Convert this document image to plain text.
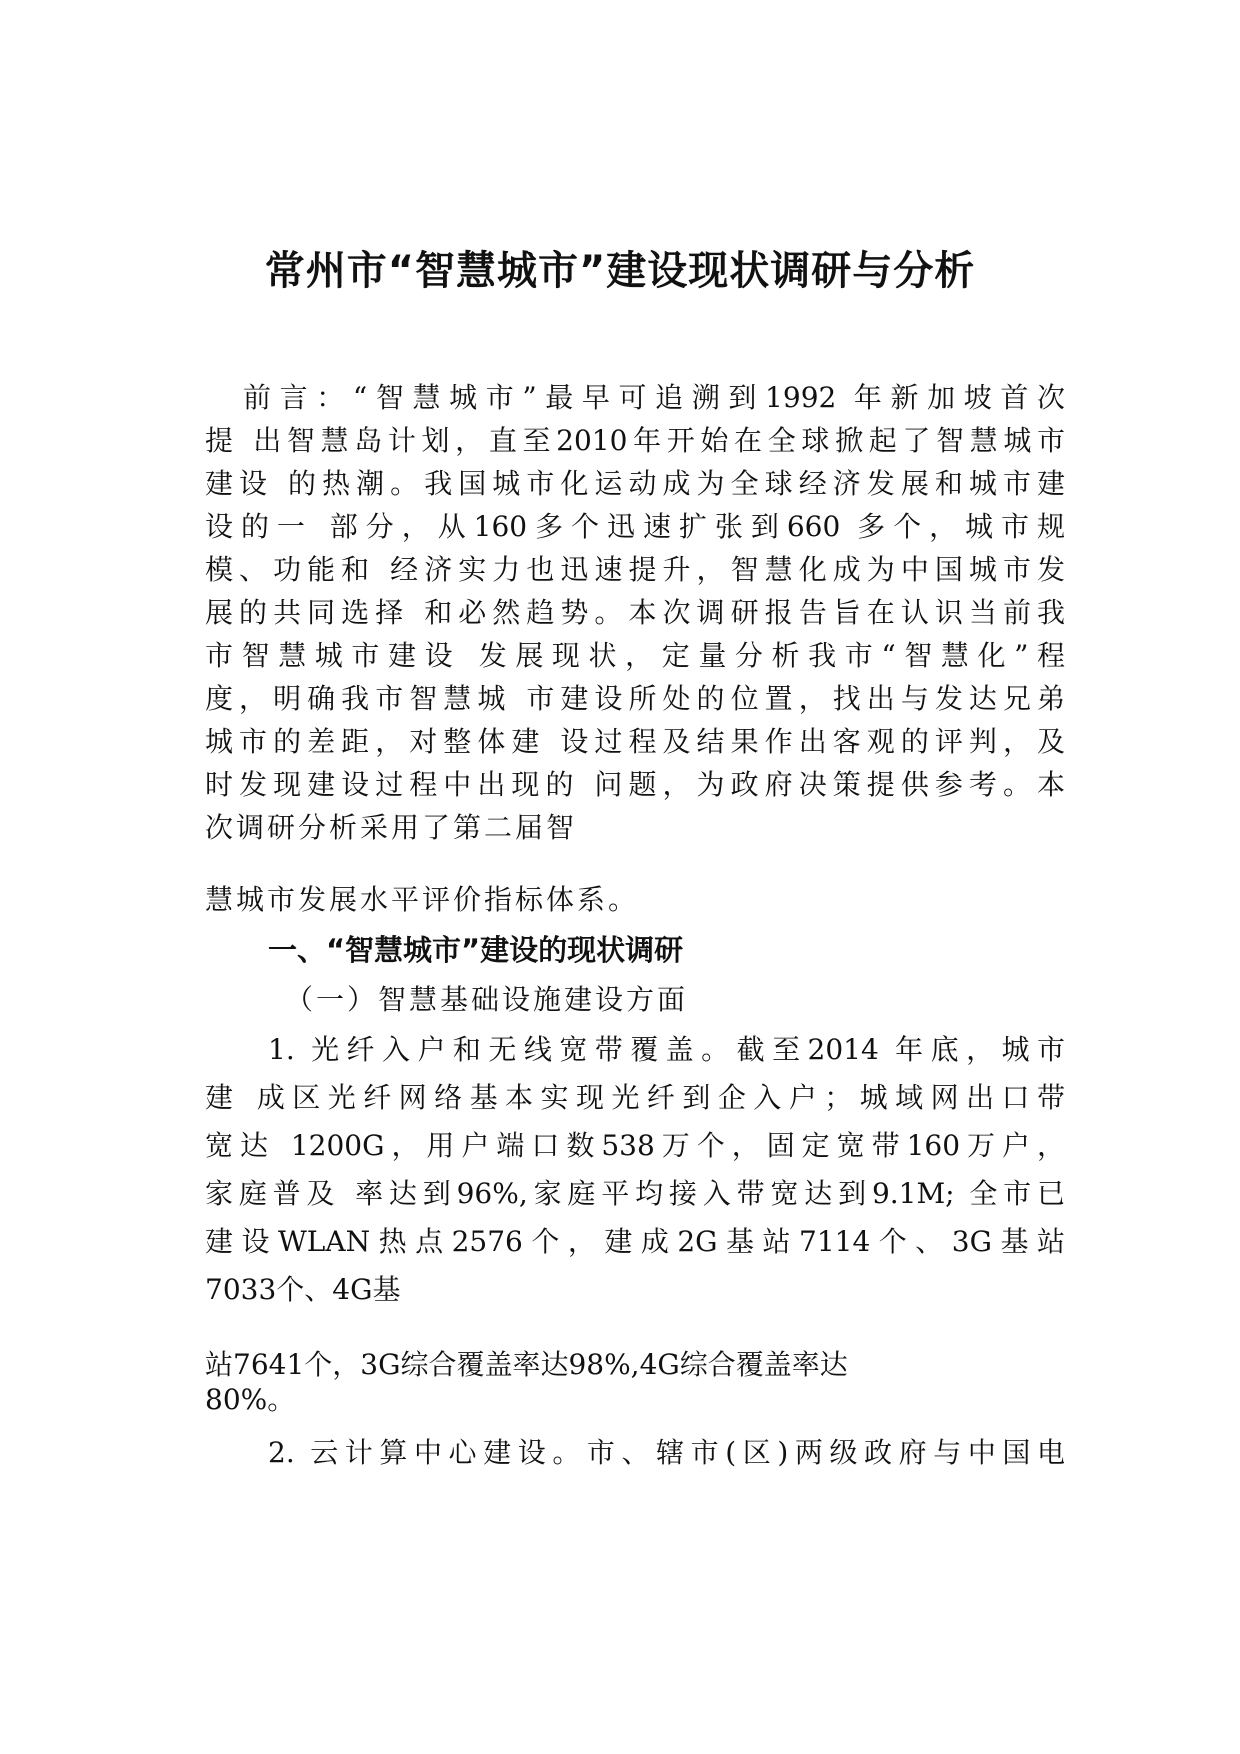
常州市“智慧城市”建设现状调研与分析

前言：“智慧城市”最早可追溯到1992 年新加坡首次

提 出智慧岛计划，直至2010年开始在全球掀起了智慧城市

建设 的热潮。我国城市化运动成为全球经济发展和城市建

设的一 部分，从160多个迅速扩张到660 多个，城市规

模、功能和 经济实力也迅速提升，智慧化成为中国城市发

展的共同选择 和必然趋势。本次调研报告旨在认识当前我

市智慧城市建设 发展现状，定量分析我市“智慧化”程

度，明确我市智慧城 市建设所处的位置，找出与发达兄弟

城市的差距，对整体建 设过程及结果作出客观的评判，及

时发现建设过程中出现的 问题，为政府决策提供参考。本

次调研分析采用了第二届智

慧城市发展水平评价指标体系。

一、“智慧城市”建设的现状调研

（一）智慧基础设施建设方面

1. 光纤入户和无线宽带覆盖。截至2014 年底，城市

建 成区光纤网络基本实现光纤到企入户；城域网出口带

宽达 1200G，用户端口数538万个，固定宽带160万户，

家庭普及 率达到96%,家庭平均接入带宽达到9.1M; 全市已

建设WLAN热点2576个，建成2G基站7114个、3G基站

7033个、4G基

站7641个，3G综合覆盖率达98%,4G综合覆盖率达

80%。

2. 云计算中心建设。市、辖市(区)两级政府与中国电
